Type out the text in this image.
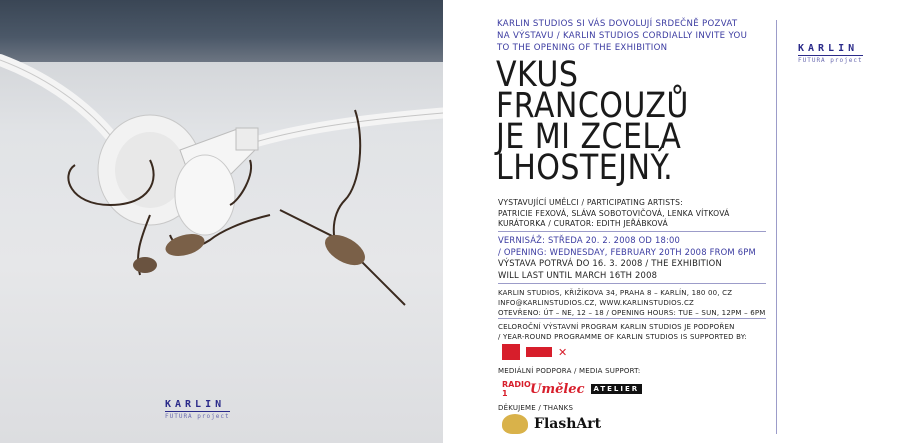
KARLIN
FUTURA project
KARLIN STUDIOS SI VÁS DOVOLUJÍ SRDEČNĚ POZVAT
NA VÝSTAVU / KARLIN STUDIOS CORDIALLY INVITE YOU
TO THE OPENING OF THE EXHIBITION
VKUS
FRANCOUZŮ
JE MI ZCELA
LHOSTEJNÝ.
VYSTAVUJÍCÍ UMĚLCI / PARTICIPATING ARTISTS:
PATRICIE FEXOVÁ, SLÁVA SOBOTOVIČOVÁ, LENKA VÍTKOVÁ
KURÁTORKA / CURATOR: EDITH JEŘÁBKOVÁ
VERNISÁŽ: STŘEDA 20. 2. 2008 OD 18:00
/ OPENING: WEDNESDAY, FEBRUARY 20TH 2008 FROM 6PM
VÝSTAVA POTRVÁ DO 16. 3. 2008 / THE EXHIBITION
WILL LAST UNTIL MARCH 16TH 2008
KARLIN STUDIOS, KŘIŽÍKOVA 34, PRAHA 8 – KARLÍN, 180 00, CZ
INFO@KARLINSTUDIOS.CZ, WWW.KARLINSTUDIOS.CZ
OTEVŘENO: ÚT – NE, 12 – 18 / OPENING HOURS: TUE – SUN, 12PM – 6PM
CELOROČNÍ VÝSTAVNÍ PROGRAM KARLIN STUDIOS JE PODPOŘEN
/ YEAR-ROUND PROGRAMME OF KARLIN STUDIOS IS SUPPORTED BY:
✕
MEDIÁLNÍ PODPORA / MEDIA SUPPORT:
RADIO 1	Umělec	ATELIER
DĚKUJEME / THANKS
FlashArt
KARLIN
FUTURA project
